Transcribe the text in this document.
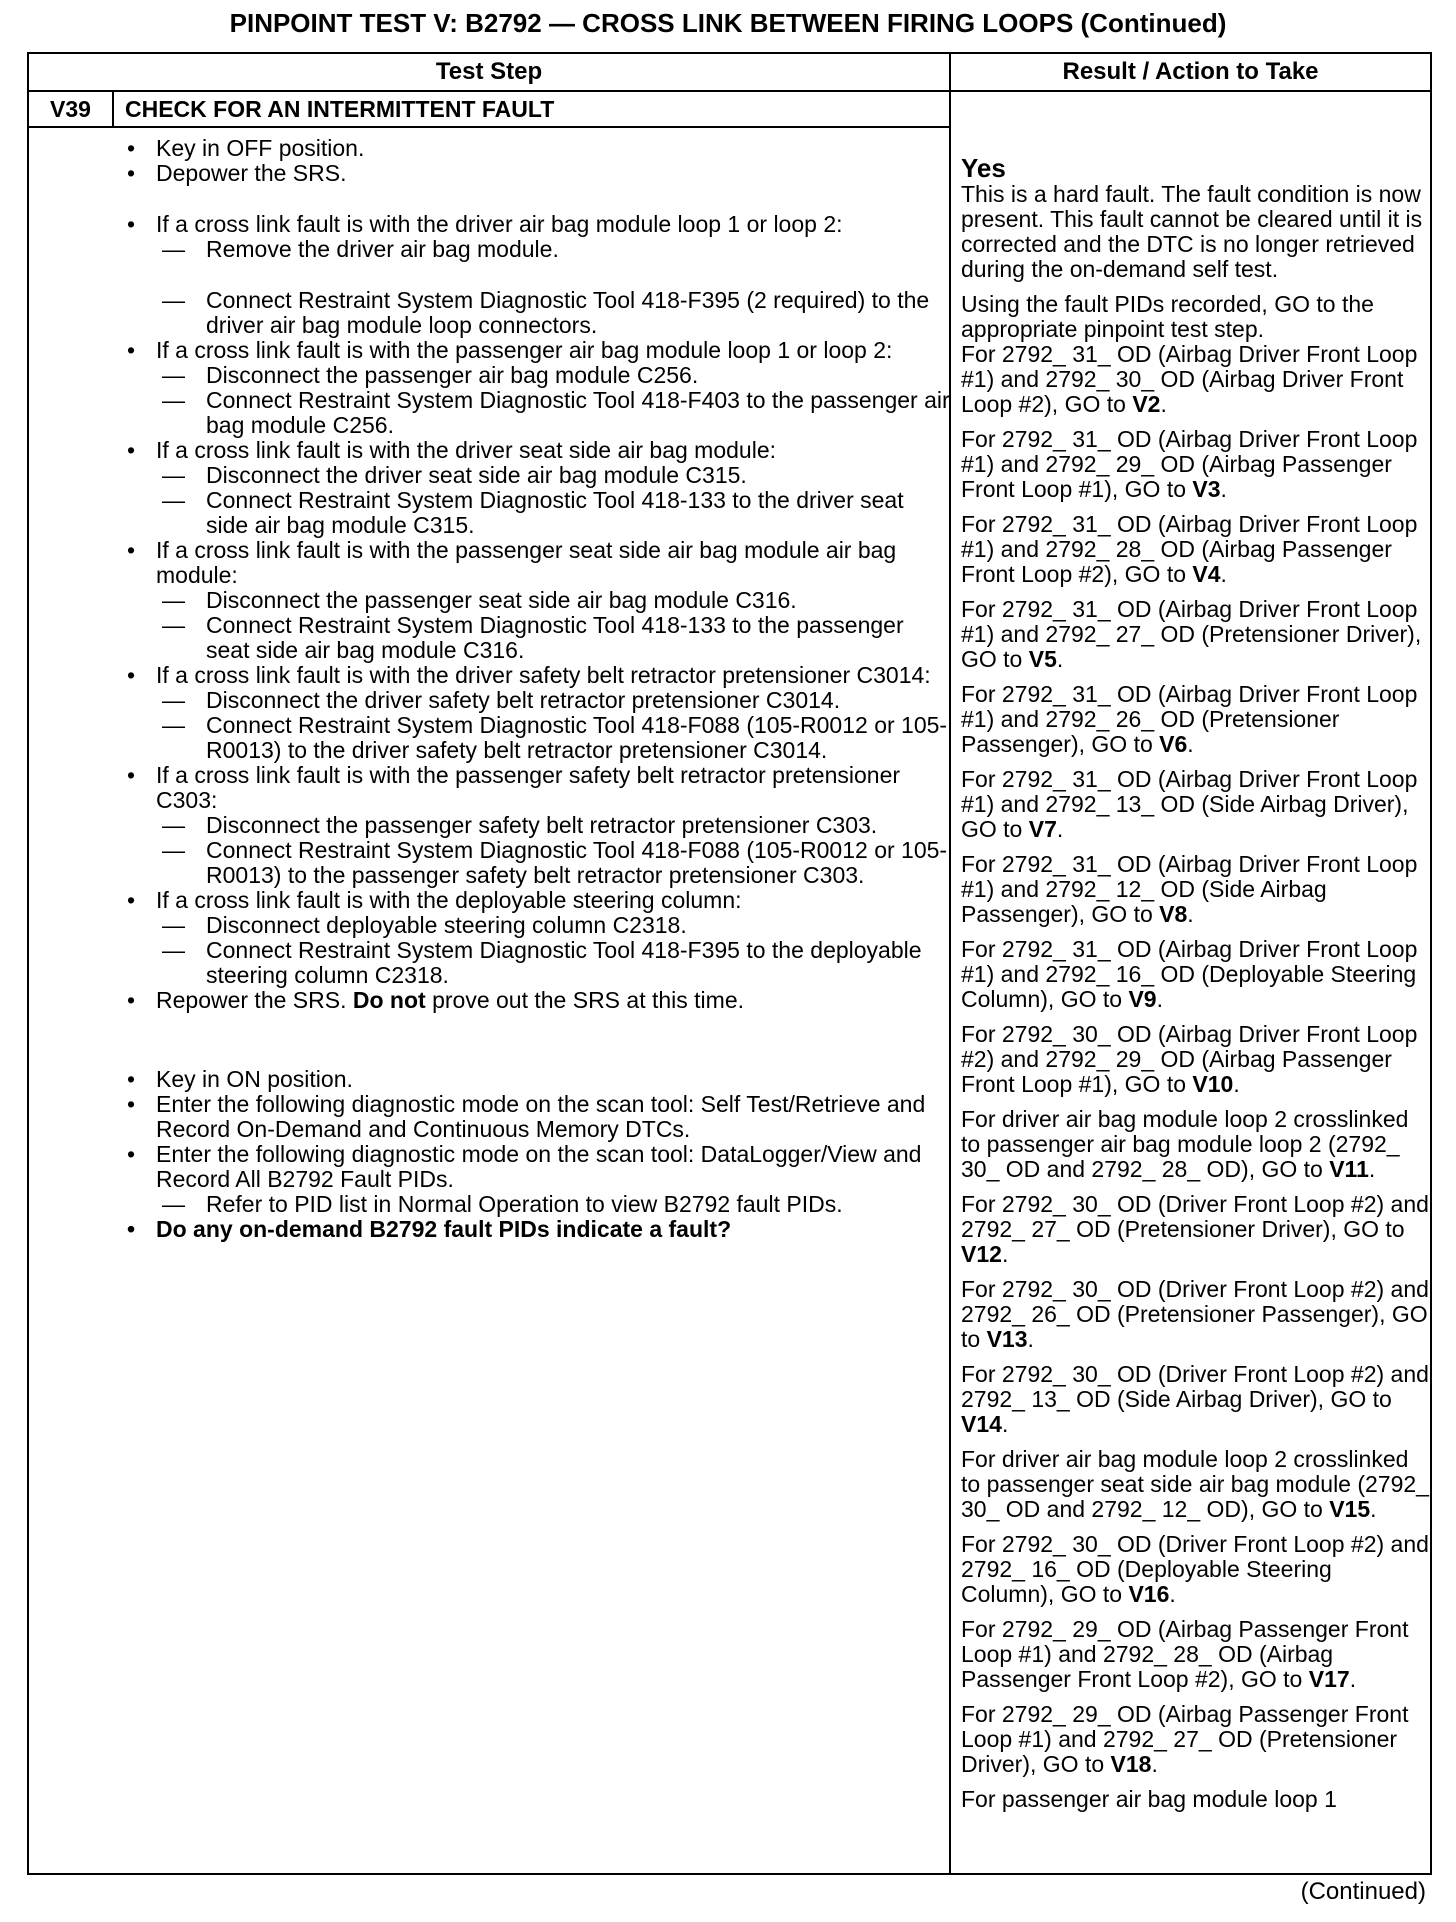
PINPOINT TEST V: B2792 — CROSS LINK BETWEEN FIRING LOOPS (Continued)
Test Step	Result / Action to Take
V39	CHECK FOR AN INTERMITTENT FAULT
• Key in OFF position.
• Depower the SRS.
• If a cross link fault is with the driver air bag module loop 1 or loop 2:
— Remove the driver air bag module.
— Connect Restraint System Diagnostic Tool 418-F395 (2 required) to the driver air bag module loop connectors.
• If a cross link fault is with the passenger air bag module loop 1 or loop 2:
— Disconnect the passenger air bag module C256.
— Connect Restraint System Diagnostic Tool 418-F403 to the passenger air bag module C256.
• If a cross link fault is with the driver seat side air bag module:
— Disconnect the driver seat side air bag module C315.
— Connect Restraint System Diagnostic Tool 418-133 to the driver seat side air bag module C315.
• If a cross link fault is with the passenger seat side air bag module air bag module:
— Disconnect the passenger seat side air bag module C316.
— Connect Restraint System Diagnostic Tool 418-133 to the passenger seat side air bag module C316.
• If a cross link fault is with the driver safety belt retractor pretensioner C3014:
— Disconnect the driver safety belt retractor pretensioner C3014.
— Connect Restraint System Diagnostic Tool 418-F088 (105-R0012 or 105-R0013) to the driver safety belt retractor pretensioner C3014.
• If a cross link fault is with the passenger safety belt retractor pretensioner C303:
— Disconnect the passenger safety belt retractor pretensioner C303.
— Connect Restraint System Diagnostic Tool 418-F088 (105-R0012 or 105-R0013) to the passenger safety belt retractor pretensioner C303.
• If a cross link fault is with the deployable steering column:
— Disconnect deployable steering column C2318.
— Connect Restraint System Diagnostic Tool 418-F395 to the deployable steering column C2318.
• Repower the SRS. Do not prove out the SRS at this time.
• Key in ON position.
• Enter the following diagnostic mode on the scan tool: Self Test/Retrieve and Record On-Demand and Continuous Memory DTCs.
• Enter the following diagnostic mode on the scan tool: DataLogger/View and Record All B2792 Fault PIDs.
— Refer to PID list in Normal Operation to view B2792 fault PIDs.
• Do any on-demand B2792 fault PIDs indicate a fault?
Yes
This is a hard fault. The fault condition is now present. This fault cannot be cleared until it is corrected and the DTC is no longer retrieved during the on-demand self test.
Using the fault PIDs recorded, GO to the appropriate pinpoint test step.
For 2792_ 31_ OD (Airbag Driver Front Loop #1) and 2792_ 30_ OD (Airbag Driver Front Loop #2), GO to V2.
For 2792_ 31_ OD (Airbag Driver Front Loop #1) and 2792_ 29_ OD (Airbag Passenger Front Loop #1), GO to V3.
For 2792_ 31_ OD (Airbag Driver Front Loop #1) and 2792_ 28_ OD (Airbag Passenger Front Loop #2), GO to V4.
For 2792_ 31_ OD (Airbag Driver Front Loop #1) and 2792_ 27_ OD (Pretensioner Driver), GO to V5.
For 2792_ 31_ OD (Airbag Driver Front Loop #1) and 2792_ 26_ OD (Pretensioner Passenger), GO to V6.
For 2792_ 31_ OD (Airbag Driver Front Loop #1) and 2792_ 13_ OD (Side Airbag Driver), GO to V7.
For 2792_ 31_ OD (Airbag Driver Front Loop #1) and 2792_ 12_ OD (Side Airbag Passenger), GO to V8.
For 2792_ 31_ OD (Airbag Driver Front Loop #1) and 2792_ 16_ OD (Deployable Steering Column), GO to V9.
For 2792_ 30_ OD (Airbag Driver Front Loop #2) and 2792_ 29_ OD (Airbag Passenger Front Loop #1), GO to V10.
For driver air bag module loop 2 crosslinked to passenger air bag module loop 2 (2792_ 30_ OD and 2792_ 28_ OD), GO to V11.
For 2792_ 30_ OD (Driver Front Loop #2) and 2792_ 27_ OD (Pretensioner Driver), GO to V12.
For 2792_ 30_ OD (Driver Front Loop #2) and 2792_ 26_ OD (Pretensioner Passenger), GO to V13.
For 2792_ 30_ OD (Driver Front Loop #2) and 2792_ 13_ OD (Side Airbag Driver), GO to V14.
For driver air bag module loop 2 crosslinked to passenger seat side air bag module (2792_ 30_ OD and 2792_ 12_ OD), GO to V15.
For 2792_ 30_ OD (Driver Front Loop #2) and 2792_ 16_ OD (Deployable Steering Column), GO to V16.
For 2792_ 29_ OD (Airbag Passenger Front Loop #1) and 2792_ 28_ OD (Airbag Passenger Front Loop #2), GO to V17.
For 2792_ 29_ OD (Airbag Passenger Front Loop #1) and 2792_ 27_ OD (Pretensioner Driver), GO to V18.
For passenger air bag module loop 1
(Continued)
